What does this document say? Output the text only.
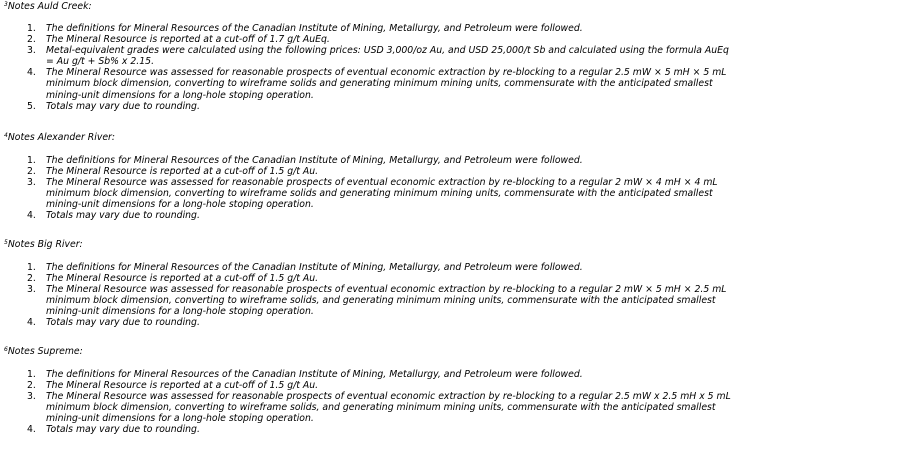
$^3$Notes Auld Creek:
The definitions for Mineral Resources of the Canadian Institute of Mining, Metallurgy, and Petroleum were followed.
The Mineral Resource is reported at a cut-off of 1.7 g/t AuEq.
Metal-equivalent grades were calculated using the following prices: USD 3,000/oz Au, and USD 25,000/t Sb and calculated using the formula AuEq = Au g/t + Sb% x 2.15.
The Mineral Resource was assessed for reasonable prospects of eventual economic extraction by re-blocking to a regular 2.5 mW × 5 mH × 5 mL minimum block dimension, converting to wireframe solids and generating minimum mining units, commensurate with the anticipated smallest mining-unit dimensions for a long-hole stoping operation.
Totals may vary due to rounding.
$^4$Notes Alexander River:
The definitions for Mineral Resources of the Canadian Institute of Mining, Metallurgy, and Petroleum were followed.
The Mineral Resource is reported at a cut-off of 1.5 g/t Au.
The Mineral Resource was assessed for reasonable prospects of eventual economic extraction by re-blocking to a regular 2 mW × 4 mH × 4 mL minimum block dimension, converting to wireframe solids and generating minimum mining units, commensurate with the anticipated smallest mining-unit dimensions for a long-hole stoping operation.
Totals may vary due to rounding.
$^5$Notes Big River:
The definitions for Mineral Resources of the Canadian Institute of Mining, Metallurgy, and Petroleum were followed.
The Mineral Resource is reported at a cut-off of 1.5 g/t Au.
The Mineral Resource was assessed for reasonable prospects of eventual economic extraction by re-blocking to a regular 2 mW × 5 mH × 2.5 mL minimum block dimension, converting to wireframe solids, and generating minimum mining units, commensurate with the anticipated smallest mining-unit dimensions for a long-hole stoping operation.
Totals may vary due to rounding.
$^6$Notes Supreme:
The definitions for Mineral Resources of the Canadian Institute of Mining, Metallurgy, and Petroleum were followed.
The Mineral Resource is reported at a cut-off of 1.5 g/t Au.
The Mineral Resource was assessed for reasonable prospects of eventual economic extraction by re-blocking to a regular 2.5 mW x 2.5 mH x 5 mL minimum block dimension, converting to wireframe solids, and generating minimum mining units, commensurate with the anticipated smallest mining-unit dimensions for a long-hole stoping operation.
Totals may vary due to rounding.
